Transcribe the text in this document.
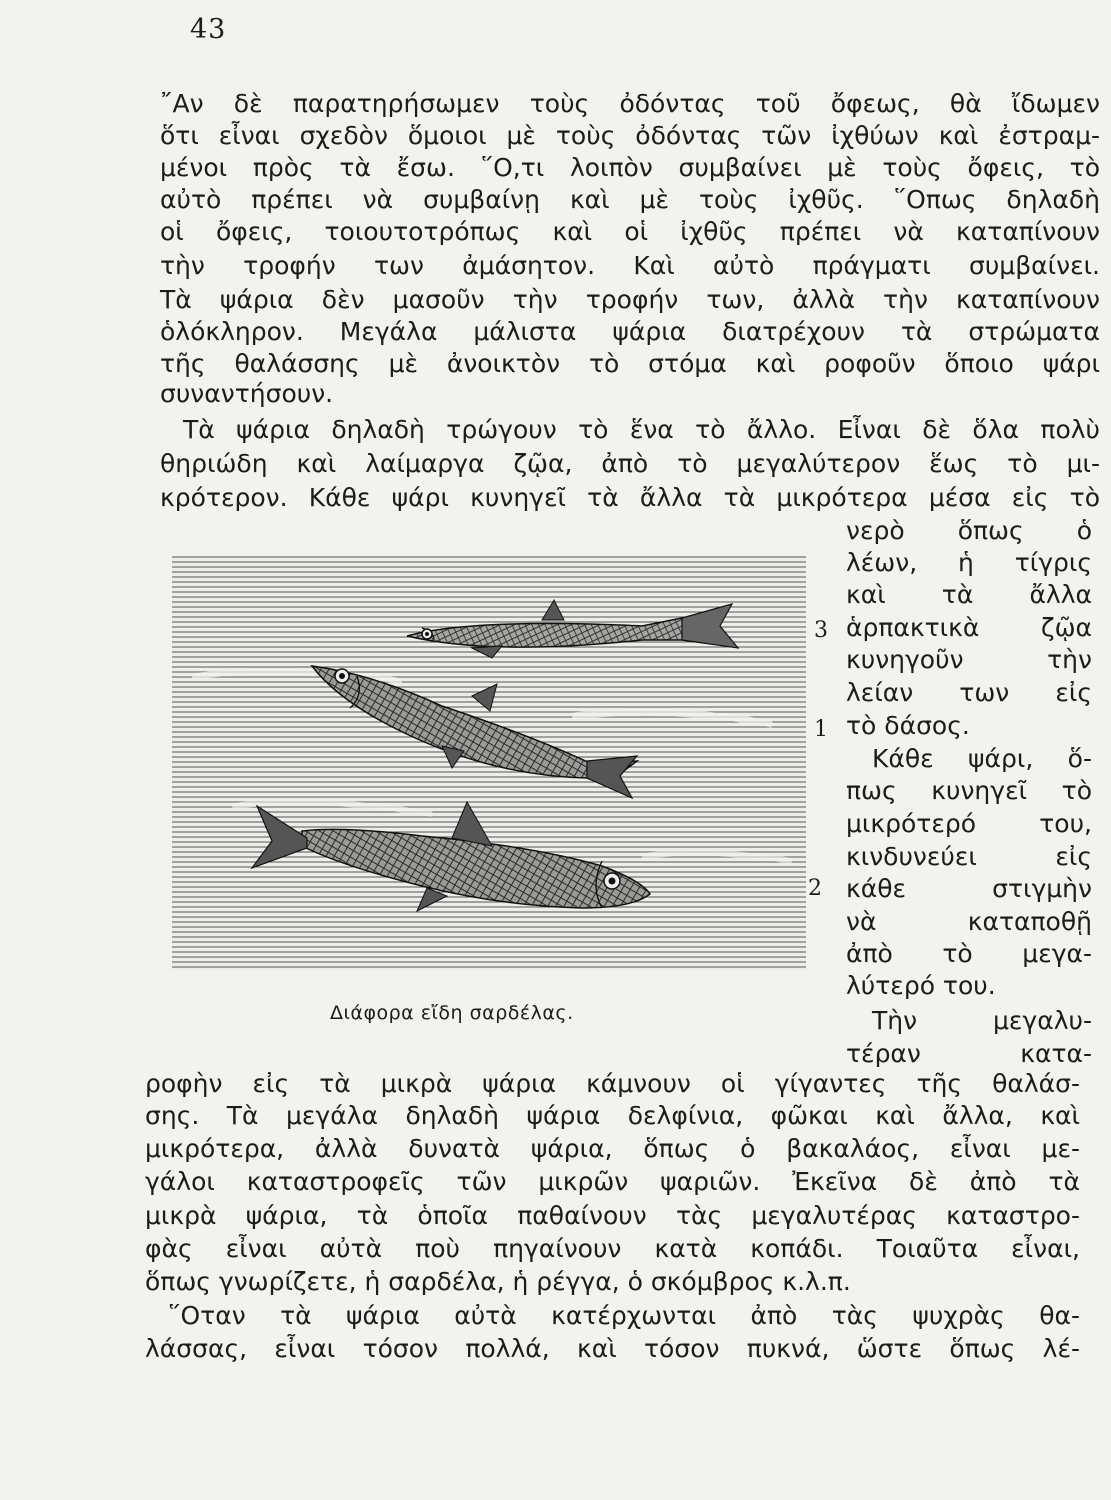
43
῎Αν δὲ παρατηρήσωμεν τοὺς ὀδόντας τοῦ ὄφεως, θὰ ἴδωμεν
ὅτι εἶναι σχεδὸν ὅμοιοι μὲ τοὺς ὀδόντας τῶν ἰχθύων καὶ ἐστραμ-
μένοι πρὸς τὰ ἔσω. ῞Ο,τι λοιπὸν συμβαίνει μὲ τοὺς ὄφεις, τὸ
αὐτὸ πρέπει νὰ συμβαίνῃ καὶ μὲ τοὺς ἰχθῦς. ῞Οπως δηλαδὴ
οἱ ὄφεις, τοιουτοτρόπως καὶ οἱ ἰχθῦς πρέπει νὰ καταπίνουν
τὴν τροφήν των ἀμάσητον. Καὶ αὐτὸ πράγματι συμβαίνει.
Τὰ ψάρια δὲν μασοῦν τὴν τροφήν των, ἀλλὰ τὴν καταπίνουν
ὁλόκληρον. Μεγάλα μάλιστα ψάρια διατρέχουν τὰ στρώματα
τῆς θαλάσσης μὲ ἀνοικτὸν τὸ στόμα καὶ ροφοῦν ὅποιο ψάρι
συναντήσουν.
Τὰ ψάρια δηλαδὴ τρώγουν τὸ ἕνα τὸ ἄλλο. Εἶναι δὲ ὅλα πολὺ
θηριώδη καὶ λαίμαργα ζῷα, ἀπὸ τὸ μεγαλύτερον ἕως τὸ μι-
κρότερον. Κάθε ψάρι κυνηγεῖ τὰ ἄλλα τὰ μικρότερα μέσα εἰς τὸ
νερὸ ὅπως ὁ
λέων, ἡ τίγρις
καὶ τὰ ἄλλα
ἁρπακτικὰ ζῷα
κυνηγοῦν τὴν
λείαν των εἰς
τὸ δάσος.
Κάθε ψάρι, ὅ-
πως κυνηγεῖ τὸ
μικρότερό του,
κινδυνεύει εἰς
κάθε στιγμὴν
νὰ καταποθῇ
ἀπὸ τὸ μεγα-
λύτερό του.
Τὴν μεγαλυ-
τέραν κατα-
3
1
2
Διάφορα εἴδη σαρδέλας.
ροφὴν εἰς τὰ μικρὰ ψάρια κάμνουν οἱ γίγαντες τῆς θαλάσ-
σης. Τὰ μεγάλα δηλαδὴ ψάρια δελφίνια, φῶκαι καὶ ἄλλα, καὶ
μικρότερα, ἀλλὰ δυνατὰ ψάρια, ὅπως ὁ βακαλάος, εἶναι με-
γάλοι καταστροφεῖς τῶν μικρῶν ψαριῶν. Ἐκεῖνα δὲ ἀπὸ τὰ
μικρὰ ψάρια, τὰ ὁποῖα παθαίνουν τὰς μεγαλυτέρας καταστρο-
φὰς εἶναι αὐτὰ ποὺ πηγαίνουν κατὰ κοπάδι. Τοιαῦτα εἶναι,
ὅπως γνωρίζετε, ἡ σαρδέλα, ἡ ρέγγα, ὁ σκόμβρος κ.λ.π.
῞Οταν τὰ ψάρια αὐτὰ κατέρχωνται ἀπὸ τὰς ψυχρὰς θα-
λάσσας, εἶναι τόσον πολλά, καὶ τόσον πυκνά, ὥστε ὅπως λέ-
